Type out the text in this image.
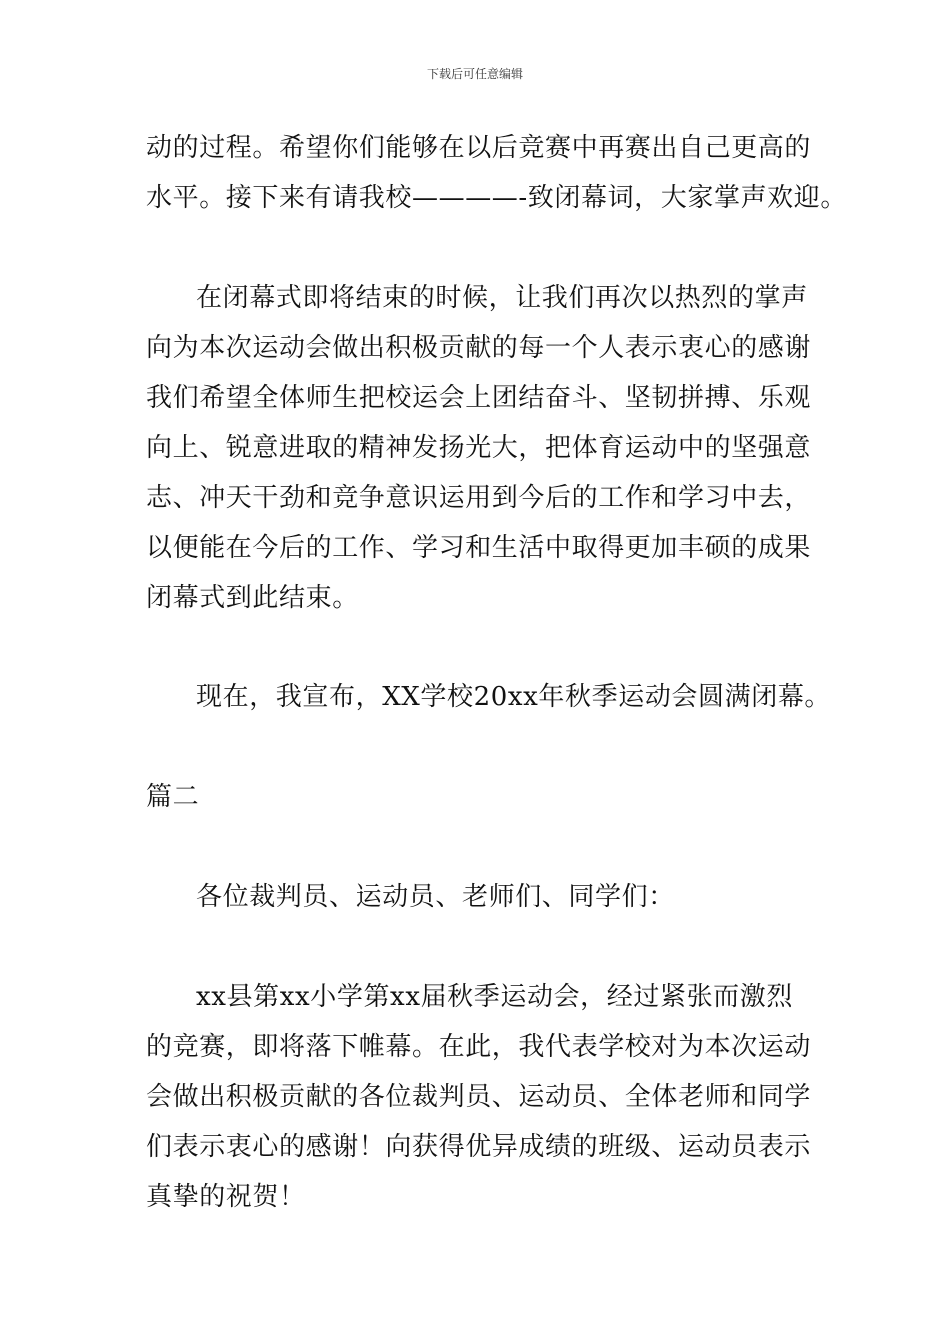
下载后可任意编辑
动的过程。希望你们能够在以后竞赛中再赛出自己更高的
水平。接下来有请我校————-致闭幕词，大家掌声欢迎。
在闭幕式即将结束的时候，让我们再次以热烈的掌声
向为本次运动会做出积极贡献的每一个人表示衷心的感谢
我们希望全体师生把校运会上团结奋斗、坚韧拼搏、乐观
向上、锐意进取的精神发扬光大，把体育运动中的坚强意
志、冲天干劲和竞争意识运用到今后的工作和学习中去，
以便能在今后的工作、学习和生活中取得更加丰硕的成果
闭幕式到此结束。
现在，我宣布，XX学校20xx年秋季运动会圆满闭幕。
篇二
各位裁判员、运动员、老师们、同学们：
xx县第xx小学第xx届秋季运动会，经过紧张而激烈
的竞赛，即将落下帷幕。在此，我代表学校对为本次运动
会做出积极贡献的各位裁判员、运动员、全体老师和同学
们表示衷心的感谢！向获得优异成绩的班级、运动员表示
真挚的祝贺！
